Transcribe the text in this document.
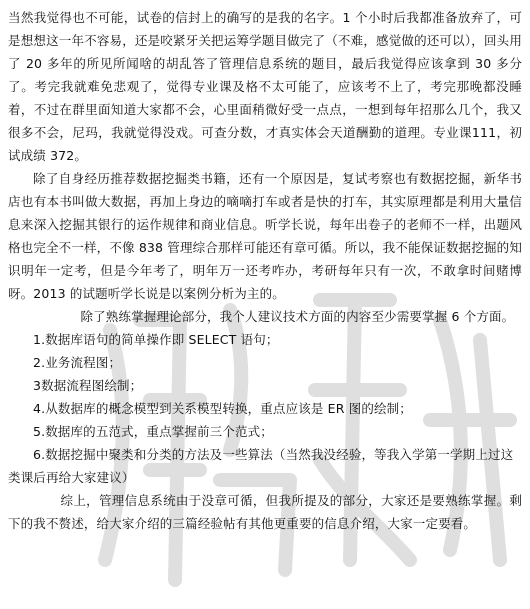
当然我觉得也不可能，试卷的信封上的确写的是我的名字。1 个小时后我都准备放弃了，可是想想这一年不容易，还是咬紧牙关把运筹学题目做完了（不难，感觉做的还可以），回头用了 20 多年的所见所闻啥的胡乱答了管理信息系统的题目，最后我觉得应该拿到 30 多分了。考完我就难免悲观了，觉得专业课及格不太可能了，应该考不上了，考完那晚都没睡着，不过在群里面知道大家都不会，心里面稍微好受一点点，一想到每年招那么几个，我又很多不会，尼玛，我就觉得没戏。可查分数，才真实体会天道酬勤的道理。专业课111，初试成绩 372。

除了自身经历推荐数据挖掘类书籍，还有一个原因是，复试考察也有数据挖掘，新华书店也有本书叫做大数据，再加上身边的嘀嘀打车或者是快的打车，其实原理都是利用大量信息来深入挖掘其银行的运作规律和商业信息。听学长说，每年出卷子的老师不一样，出题风格也完全不一样，不像 838 管理综合那样可能还有章可循。所以，我不能保证数据挖掘的知识明年一定考，但是今年考了，明年万一还考咋办，考研每年只有一次，不敢拿时间赌博呀。2013 的试题听学长说是以案例分析为主的。

除了熟练掌握理论部分，我个人建议技术方面的内容至少需要掌握 6 个方面。

1.数据库语句的简单操作即 SELECT 语句；
2.业务流程图；
3数据流程图绘制；
4.从数据库的概念模型到关系模型转换，重点应该是 ER 图的绘制；
5.数据库的五范式，重点掌握前三个范式；
6.数据挖掘中聚类和分类的方法及一些算法（当然我没经验，等我入学第一学期上过这类课后再给大家建议）

综上，管理信息系统由于没章可循，但我所提及的部分，大家还是要熟练掌握。剩下的我不赘述，给大家介绍的三篇经验帖有其他更重要的信息介绍，大家一定要看。
